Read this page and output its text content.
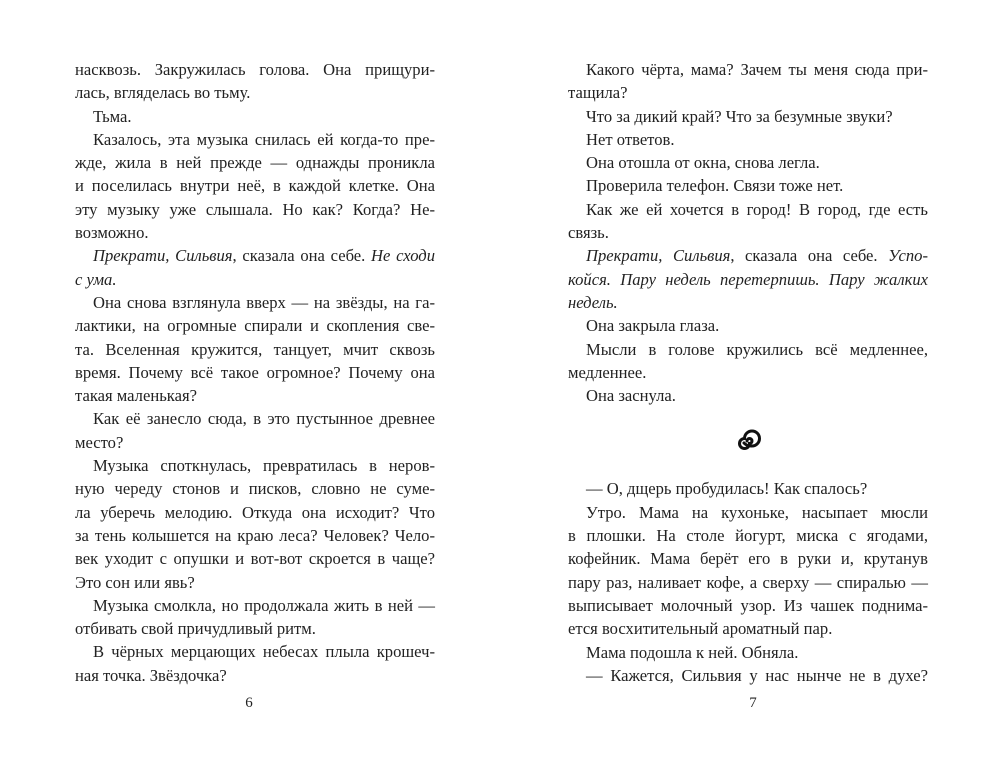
насквозь. Закружилась голова. Она прищури-
лась, вгляделась во тьму.
Тьма.
Казалось, эта музыка снилась ей когда-то пре-
жде, жила в ней прежде — однажды проникла
и поселилась внутри неё, в каждой клетке. Она
эту музыку уже слышала. Но как? Когда? Не-
возможно.
Прекрати, Сильвия, сказала она себе. Не сходи
с ума.
Она снова взглянула вверх — на звёзды, на га-
лактики, на огромные спирали и скопления све-
та. Вселенная кружится, танцует, мчит сквозь
время. Почему всё такое огромное? Почему она
такая маленькая?
Как её занесло сюда, в это пустынное древнее
место?
Музыка споткнулась, превратилась в неров-
ную череду стонов и писков, словно не суме-
ла уберечь мелодию. Откуда она исходит? Что
за тень колышется на краю леса? Человек? Чело-
век уходит с опушки и вот-вот скроется в чаще?
Это сон или явь?
Музыка смолкла, но продолжала жить в ней —
отбивать свой причудливый ритм.
В чёрных мерцающих небесах плыла крошеч-
ная точка. Звёздочка?
6
Какого чёрта, мама? Зачем ты меня сюда при-
тащила?
Что за дикий край? Что за безумные звуки?
Нет ответов.
Она отошла от окна, снова легла.
Проверила телефон. Связи тоже нет.
Как же ей хочется в город! В город, где есть
связь.
Прекрати, Сильвия, сказала она себе. Успо-
койся. Пару недель перетерпишь. Пару жалких
недель.
Она закрыла глаза.
Мысли в голове кружились всё медленнее,
медленнее.
Она заснула.
— О, дщерь пробудилась! Как спалось?
Утро. Мама на кухоньке, насыпает мюсли
в плошки. На столе йогурт, миска с ягодами,
кофейник. Мама берёт его в руки и, крутанув
пару раз, наливает кофе, а сверху — спиралью —
выписывает молочный узор. Из чашек поднима-
ется восхитительный ароматный пар.
Мама подошла к ней. Обняла.
— Кажется, Сильвия у нас нынче не в духе?
7
